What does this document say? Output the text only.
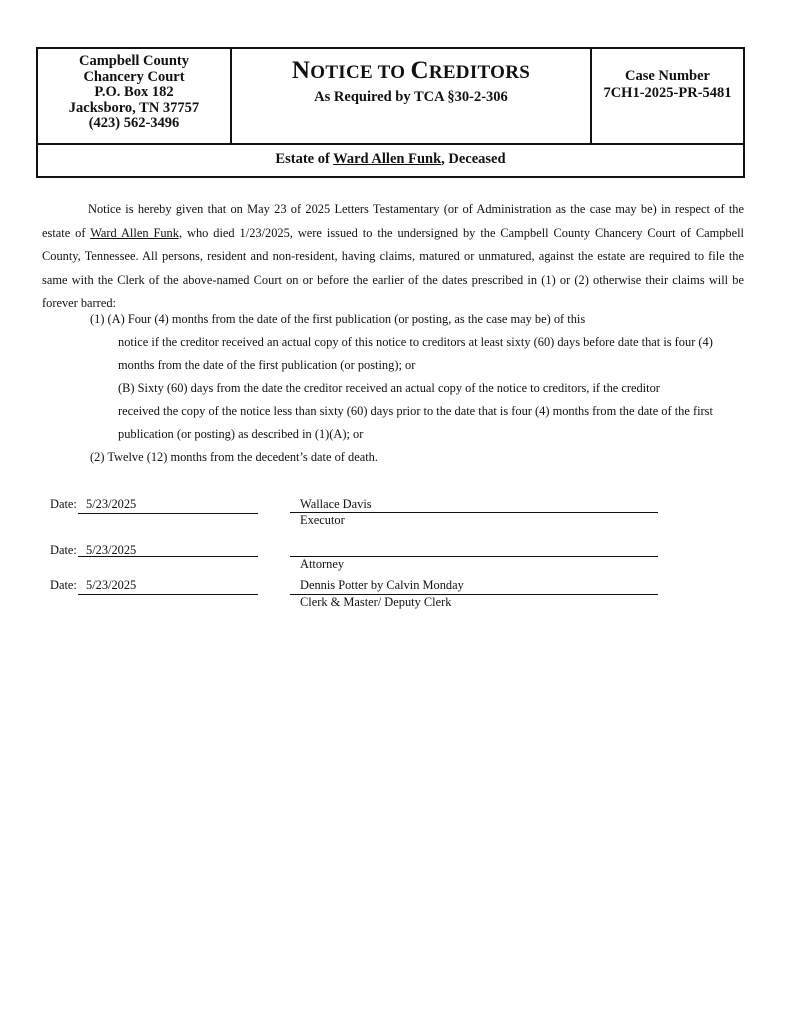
Campbell County
Chancery Court
P.O. Box 182
Jacksboro, TN 37757
(423) 562-3496
NOTICE TO CREDITORS
As Required by TCA §30-2-306
Case Number
7CH1-2025-PR-5481
Estate of Ward Allen Funk, Deceased

Notice is hereby given that on May 23 of 2025 Letters Testamentary (or of Administration as the case may be) in respect of the estate of Ward Allen Funk, who died 1/23/2025, were issued to the undersigned by the Campbell County Chancery Court of Campbell County, Tennessee. All persons, resident and non-resident, having claims, matured or unmatured, against the estate are required to file the same with the Clerk of the above-named Court on or before the earlier of the dates prescribed in (1) or (2) otherwise their claims will be forever barred:

(1) (A) Four (4) months from the date of the first publication (or posting, as the case may be) of this
notice if the creditor received an actual copy of this notice to creditors at least sixty (60) days before date that is four (4)
months from the date of the first publication (or posting); or
(B) Sixty (60) days from the date the creditor received an actual copy of the notice to creditors, if the creditor
received the copy of the notice less than sixty (60) days prior to the date that is four (4) months from the date of the first
publication (or posting) as described in (1)(A); or
(2) Twelve (12) months from the decedent’s date of death.
Date: 5/23/2025	Wallace Davis
Executor
Date: 5/23/2025
Attorney
Date: 5/23/2025	Dennis Potter by Calvin Monday
Clerk & Master/ Deputy Clerk
